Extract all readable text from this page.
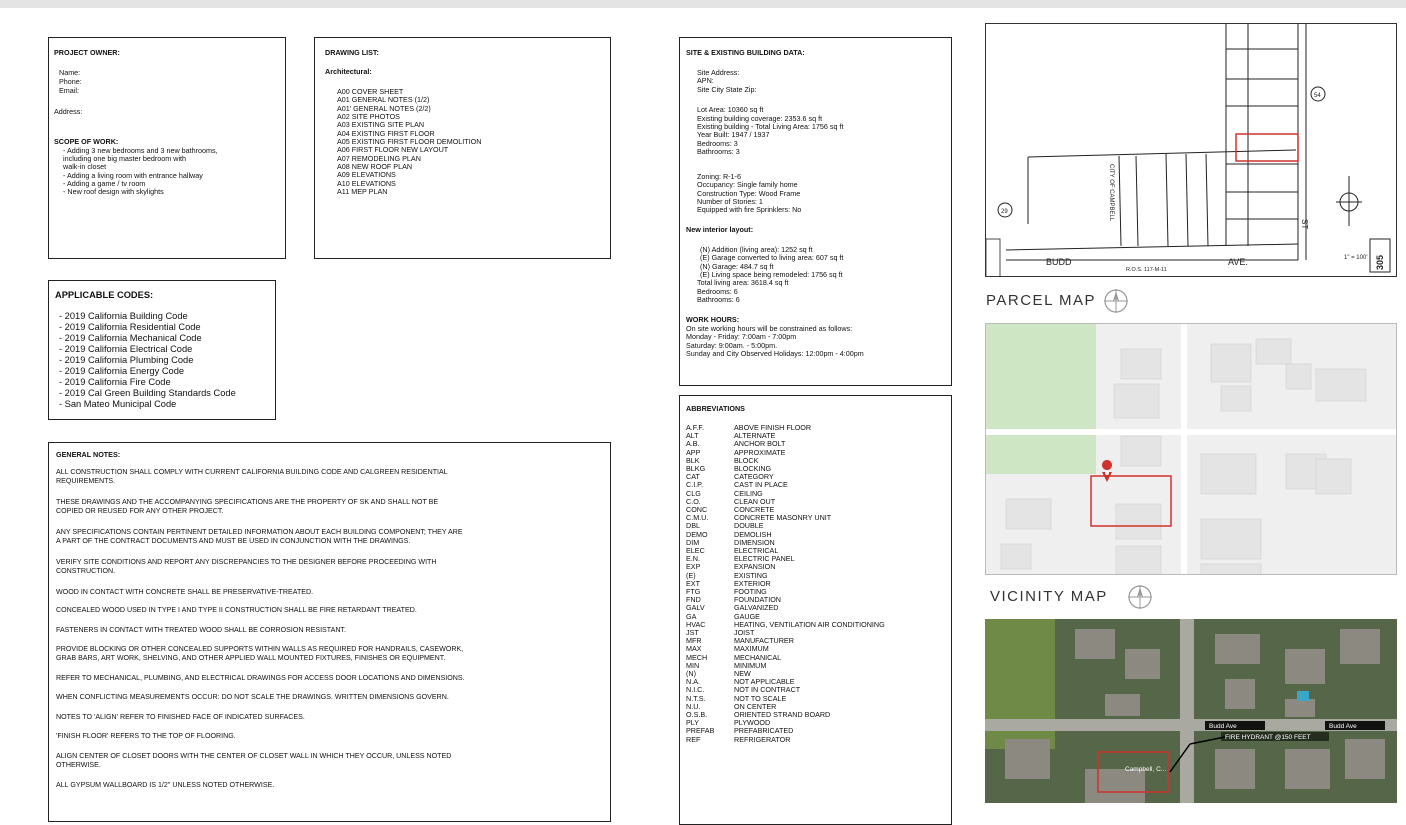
PROJECT OWNER:
Name:
Phone:
Email:
Address:
SCOPE OF WORK:
- Adding 3 new bedrooms and 3 new bathrooms,
including one big master bedroom with
walk-in closet
- Adding a living room with entrance hallway
- Adding a game / tv room
- New roof design with skylights
DRAWING LIST:
Architectural:
A00 COVER SHEET
A01 GENERAL NOTES (1/2)
A01' GENERAL NOTES (2/2)
A02 SITE PHOTOS
A03 EXISTING SITE PLAN
A04 EXISTING FIRST FLOOR
A05 EXISTING FIRST FLOOR DEMOLITION
A06 FIRST FLOOR NEW LAYOUT
A07 REMODELING PLAN
A08 NEW ROOF PLAN
A09 ELEVATIONS
A10 ELEVATIONS
A11 MEP PLAN
APPLICABLE CODES:
- 2019 California Building Code
- 2019 California Residential Code
- 2019 California Mechanical Code
- 2019 California Electrical Code
- 2019 California Plumbing Code
- 2019 California Energy Code
- 2019 California Fire Code
- 2019 Cal Green Building Standards Code
- San Mateo Municipal Code
GENERAL NOTES:

ALL CONSTRUCTION SHALL COMPLY WITH CURRENT CALIFORNIA BUILDING CODE AND CALGREEN RESIDENTIAL

REQUIREMENTS.

THESE DRAWINGS AND THE ACCOMPANYING SPECIFICATIONS ARE THE PROPERTY OF SK AND SHALL NOT BE

COPIED OR REUSED FOR ANY OTHER PROJECT.

ANY SPECIFICATIONS CONTAIN PERTINENT DETAILED INFORMATION ABOUT EACH BUILDING COMPONENT; THEY ARE

A PART OF THE CONTRACT DOCUMENTS AND MUST BE USED IN CONJUNCTION WITH THE DRAWINGS.

VERIFY SITE CONDITIONS AND REPORT ANY DISCREPANCIES TO THE DESIGNER BEFORE PROCEEDING WITH

CONSTRUCTION.

WOOD IN CONTACT WITH CONCRETE SHALL BE PRESERVATIVE-TREATED.

CONCEALED WOOD USED IN TYPE I AND TYPE II CONSTRUCTION SHALL BE FIRE RETARDANT TREATED.

FASTENERS IN CONTACT WITH TREATED WOOD SHALL BE CORROSION RESISTANT.

PROVIDE BLOCKING OR OTHER CONCEALED SUPPORTS WITHIN WALLS AS REQUIRED FOR HANDRAILS, CASEWORK,

GRAB BARS, ART WORK, SHELVING, AND OTHER APPLIED WALL MOUNTED FIXTURES, FINISHES OR EQUIPMENT.

REFER TO MECHANICAL, PLUMBING, AND ELECTRICAL DRAWINGS FOR ACCESS DOOR LOCATIONS AND DIMENSIONS.

WHEN CONFLICTING MEASUREMENTS OCCUR: DO NOT SCALE THE DRAWINGS. WRITTEN DIMENSIONS GOVERN.

NOTES TO 'ALIGN' REFER TO FINISHED FACE OF INDICATED SURFACES.

'FINISH FLOOR' REFERS TO THE TOP OF FLOORING.

ALIGN CENTER OF CLOSET DOORS WITH THE CENTER OF CLOSET WALL IN WHICH THEY OCCUR, UNLESS NOTED

OTHERWISE.

ALL GYPSUM WALLBOARD IS 1/2" UNLESS NOTED OTHERWISE.

SITE & EXISTING BUILDING DATA:
Site Address:
APN:
Site City State Zip:
Lot Area: 10360 sq ft
Existing building coverage: 2353.6 sq ft
Existing building - Total Living Area: 1756 sq ft
Year Built: 1947 / 1937
Bedrooms: 3
Bathrooms: 3
Zoning: R-1-6
Occupancy: Single family home
Construction Type: Wood Frame
Number of Stories: 1
Equipped with fire Sprinklers: No
New interior layout:
(N) Addition (living area): 1252 sq ft
(E) Garage converted to living area: 607 sq ft
(N) Garage: 484.7 sq ft
(E) Living space being remodeled: 1756 sq ft
Total living area: 3618.4 sq ft
Bedrooms: 6
Bathrooms: 6
WORK HOURS:
On site working hours will be constrained as follows:
Monday - Friday: 7:00am - 7:00pm
Saturday: 9:00am. - 5:00pm.
Sunday and City Observed Holidays: 12:00pm - 4:00pm
ABBREVIATIONS
A.F.F.	ABOVE FINISH FLOOR
ALT	ALTERNATE
A.B.	ANCHOR BOLT
APP	APPROXIMATE
BLK	BLOCK
BLKG	BLOCKING
CAT	CATEGORY
C.I.P.	CAST IN PLACE
CLG	CEILING
C.O.	CLEAN OUT
CONC	CONCRETE
C.M.U.	CONCRETE MASONRY UNIT
DBL	DOUBLE
DEMO	DEMOLISH
DIM	DIMENSION
ELEC	ELECTRICAL
E.N.	ELECTRIC PANEL
EXP	EXPANSION
(E)	EXISTING
EXT	EXTERIOR
FTG	FOOTING
FND	FOUNDATION
GALV	GALVANIZED
GA	GAUGE
HVAC	HEATING, VENTILATION AIR CONDITIONING
JST	JOIST
MFR	MANUFACTURER
MAX	MAXIMUM
MECH	MECHANICAL
MIN	MINIMUM
(N)	NEW
N.A.	NOT APPLICABLE
N.I.C.	NOT IN CONTRACT
N.T.S.	NOT TO SCALE
N.U.	ON CENTER
O.S.B.	ORIENTED STRAND BOARD
PLY	PLYWOOD
PREFAB	PREFABRICATED
REF	REFRIGERATOR
BUDD	AVE.
R.O.S. 117-M-11
1" = 100' 305
29
54
CITY OF CAMPBELL
ST
PARCEL MAP
VICINITY MAP
Budd Ave	Budd Ave
Campbell, C...
FIRE HYDRANT @150 FEET
